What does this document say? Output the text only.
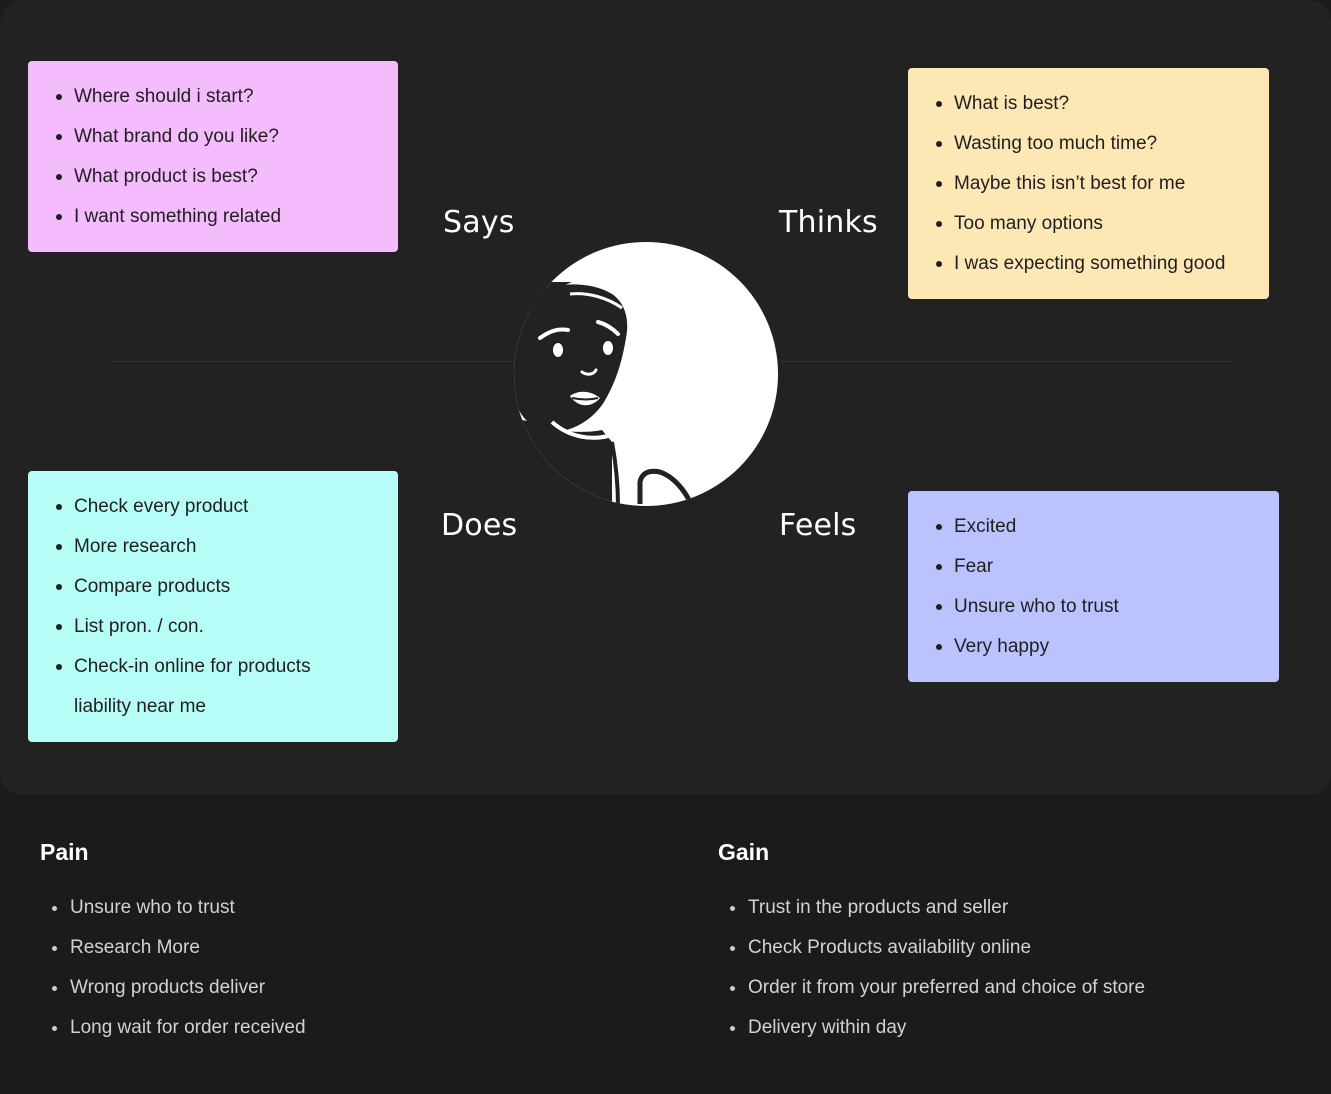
Where should i start?
What brand do you like?
What product is best?
I want something related
What is best?
Wasting too much time?
Maybe this isn’t best for me
Too many options
I was expecting something good
Check every product
More research
Compare products
List pron. / con.
Check-in online for products
liability near me
Excited
Fear
Unsure who to trust
Very happy
Says	Thinks
Does	Feels
Pain
Unsure who to trust
Research More
Wrong products deliver
Long wait for order received
Gain
Trust in the products and seller
Check Products availability online
Order it from your preferred and choice of store
Delivery within day
